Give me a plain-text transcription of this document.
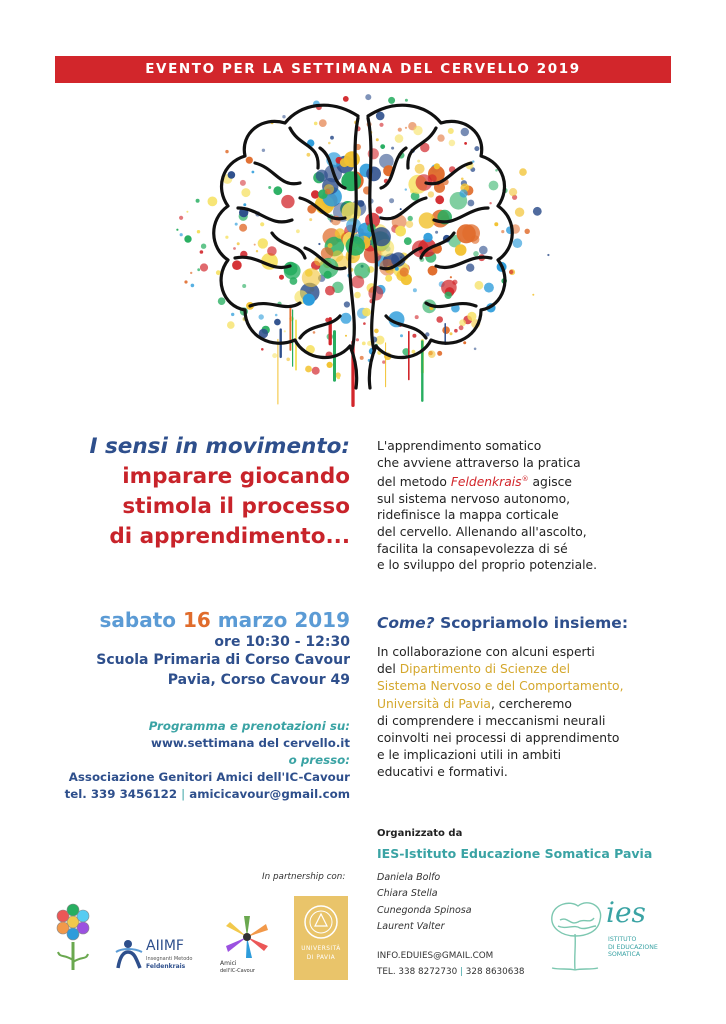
EVENTO PER LA SETTIMANA DEL CERVELLO 2019
I sensi in movimento:
imparare giocando
stimola il processo
di apprendimento...
L'apprendimento somatico
che avviene attraverso la pratica
del metodo Feldenkrais® agisce
sul sistema nervoso autonomo,
ridefinisce la mappa corticale
del cervello. Allenando all'ascolto,
facilita la consapevolezza di sé
e lo sviluppo del proprio potenziale.
sabato 16 marzo 2019
ore 10:30 - 12:30
Scuola Primaria di Corso Cavour
Pavia, Corso Cavour 49
Programma e prenotazioni su:
www.settimana del cervello.it
o presso:
Associazione Genitori Amici dell'IC-Cavour
tel. 339 3456122 | amicicavour@gmail.com
Come? Scopriamolo insieme:
In collaborazione con alcuni esperti
del Dipartimento di Scienze del
Sistema Nervoso e del Comportamento,
Università di Pavia, cercheremo
di comprendere i meccanismi neurali
coinvolti nei processi di apprendimento
e le implicazioni utili in ambiti
educativi e formativi.
Organizzato da
IES-Istituto Educazione Somatica Pavia
Daniela Bolfo
Chiara Stella
Cunegonda Spinosa
Laurent Valter
INFO.EDUIES@GMAIL.COM
TEL. 338 8272730 | 328 8630638
In partnership con:
AIIMF
Insegnanti Metodo
Feldenkrais	Amici
dell'IC-Cavour
UNIVERSITÀ
DI PAVIA
ies
ISTITUTO
DI EDUCAZIONE
SOMATICA
